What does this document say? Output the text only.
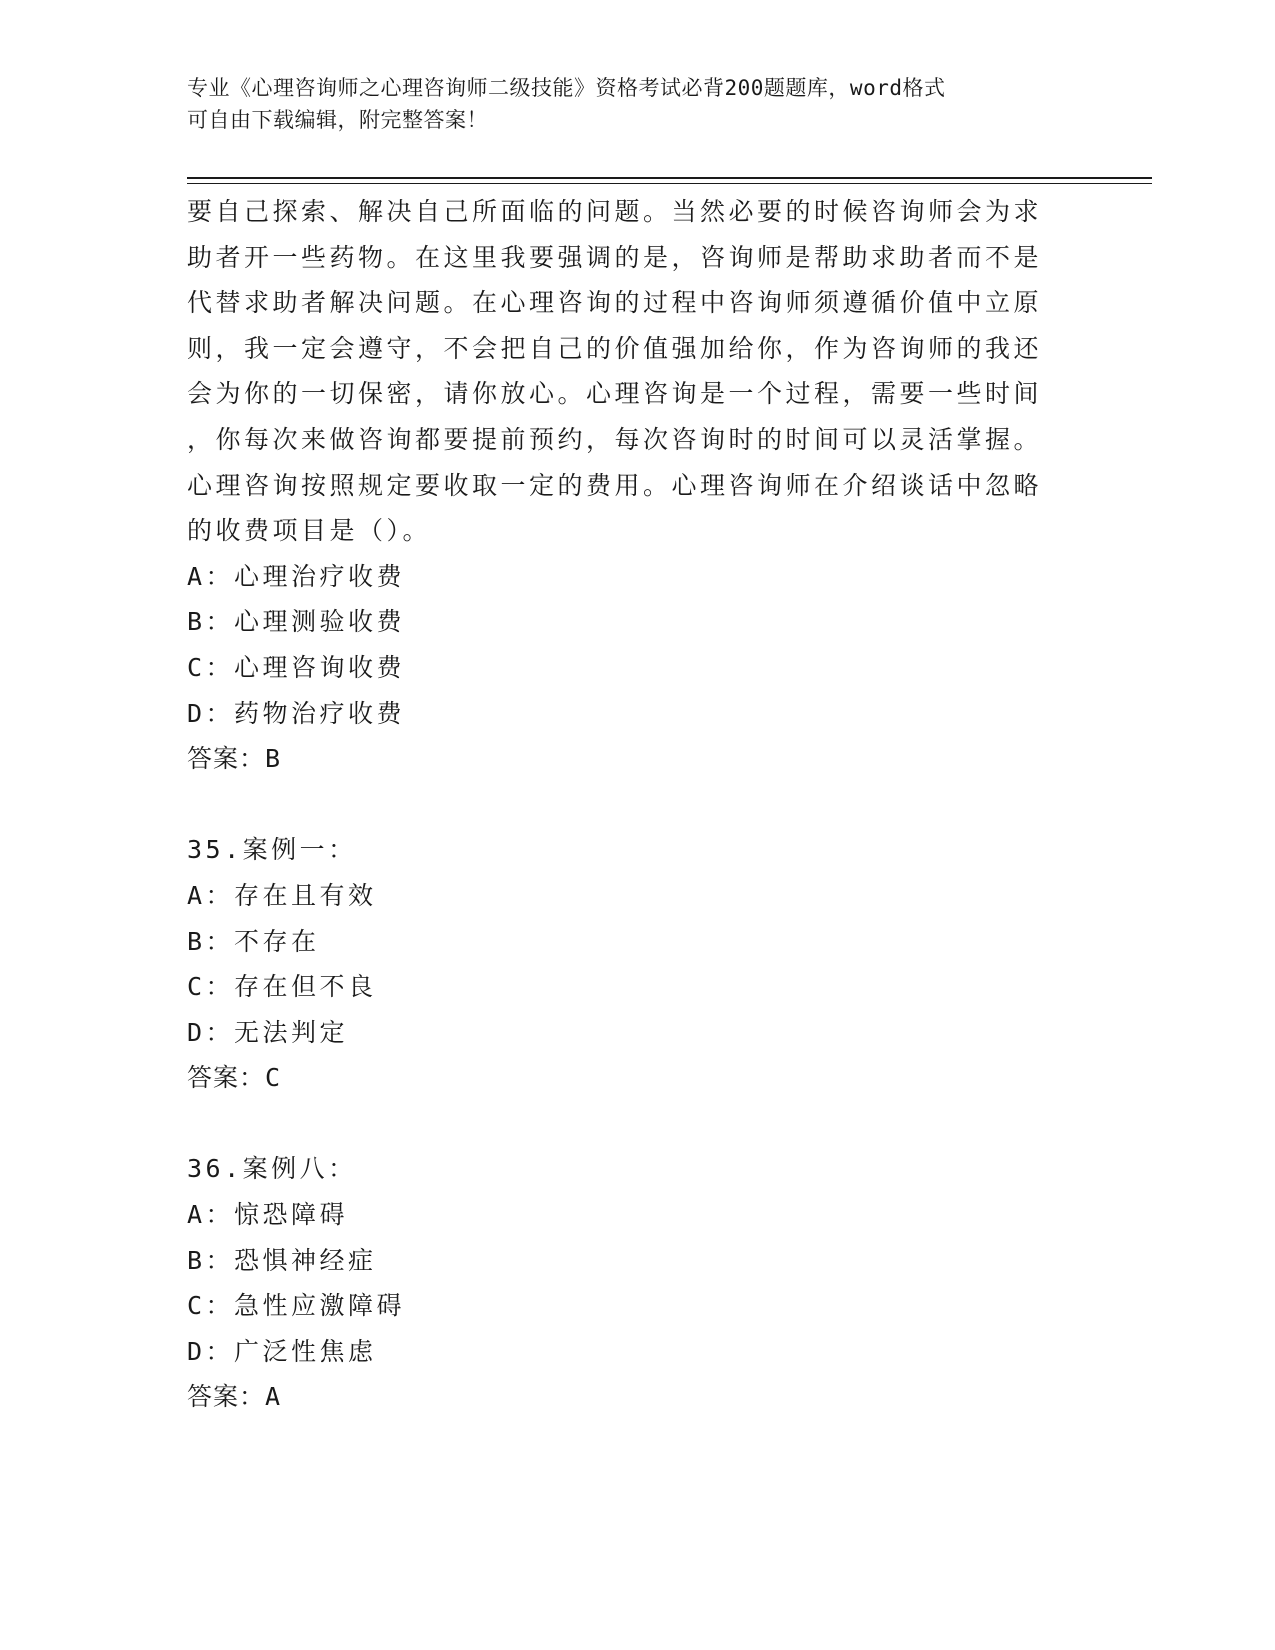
专业《心理咨询师之心理咨询师二级技能》资格考试必背200题题库，word格式
可自由下载编辑，附完整答案！
要自己探索、解决自己所面临的问题。当然必要的时候咨询师会为求
助者开一些药物。在这里我要强调的是，咨询师是帮助求助者而不是
代替求助者解决问题。在心理咨询的过程中咨询师须遵循价值中立原
则，我一定会遵守，不会把自己的价值强加给你，作为咨询师的我还
会为你的一切保密，请你放心。心理咨询是一个过程，需要一些时间
，你每次来做咨询都要提前预约，每次咨询时的时间可以灵活掌握。
心理咨询按照规定要收取一定的费用。心理咨询师在介绍谈话中忽略
的收费项目是（）。
A：心理治疗收费
B：心理测验收费
C：心理咨询收费
D：药物治疗收费
答案：B
35.案例一：
A：存在且有效
B：不存在
C：存在但不良
D：无法判定
答案：C
36.案例八：
A：惊恐障碍
B：恐惧神经症
C：急性应激障碍
D：广泛性焦虑
答案：A
